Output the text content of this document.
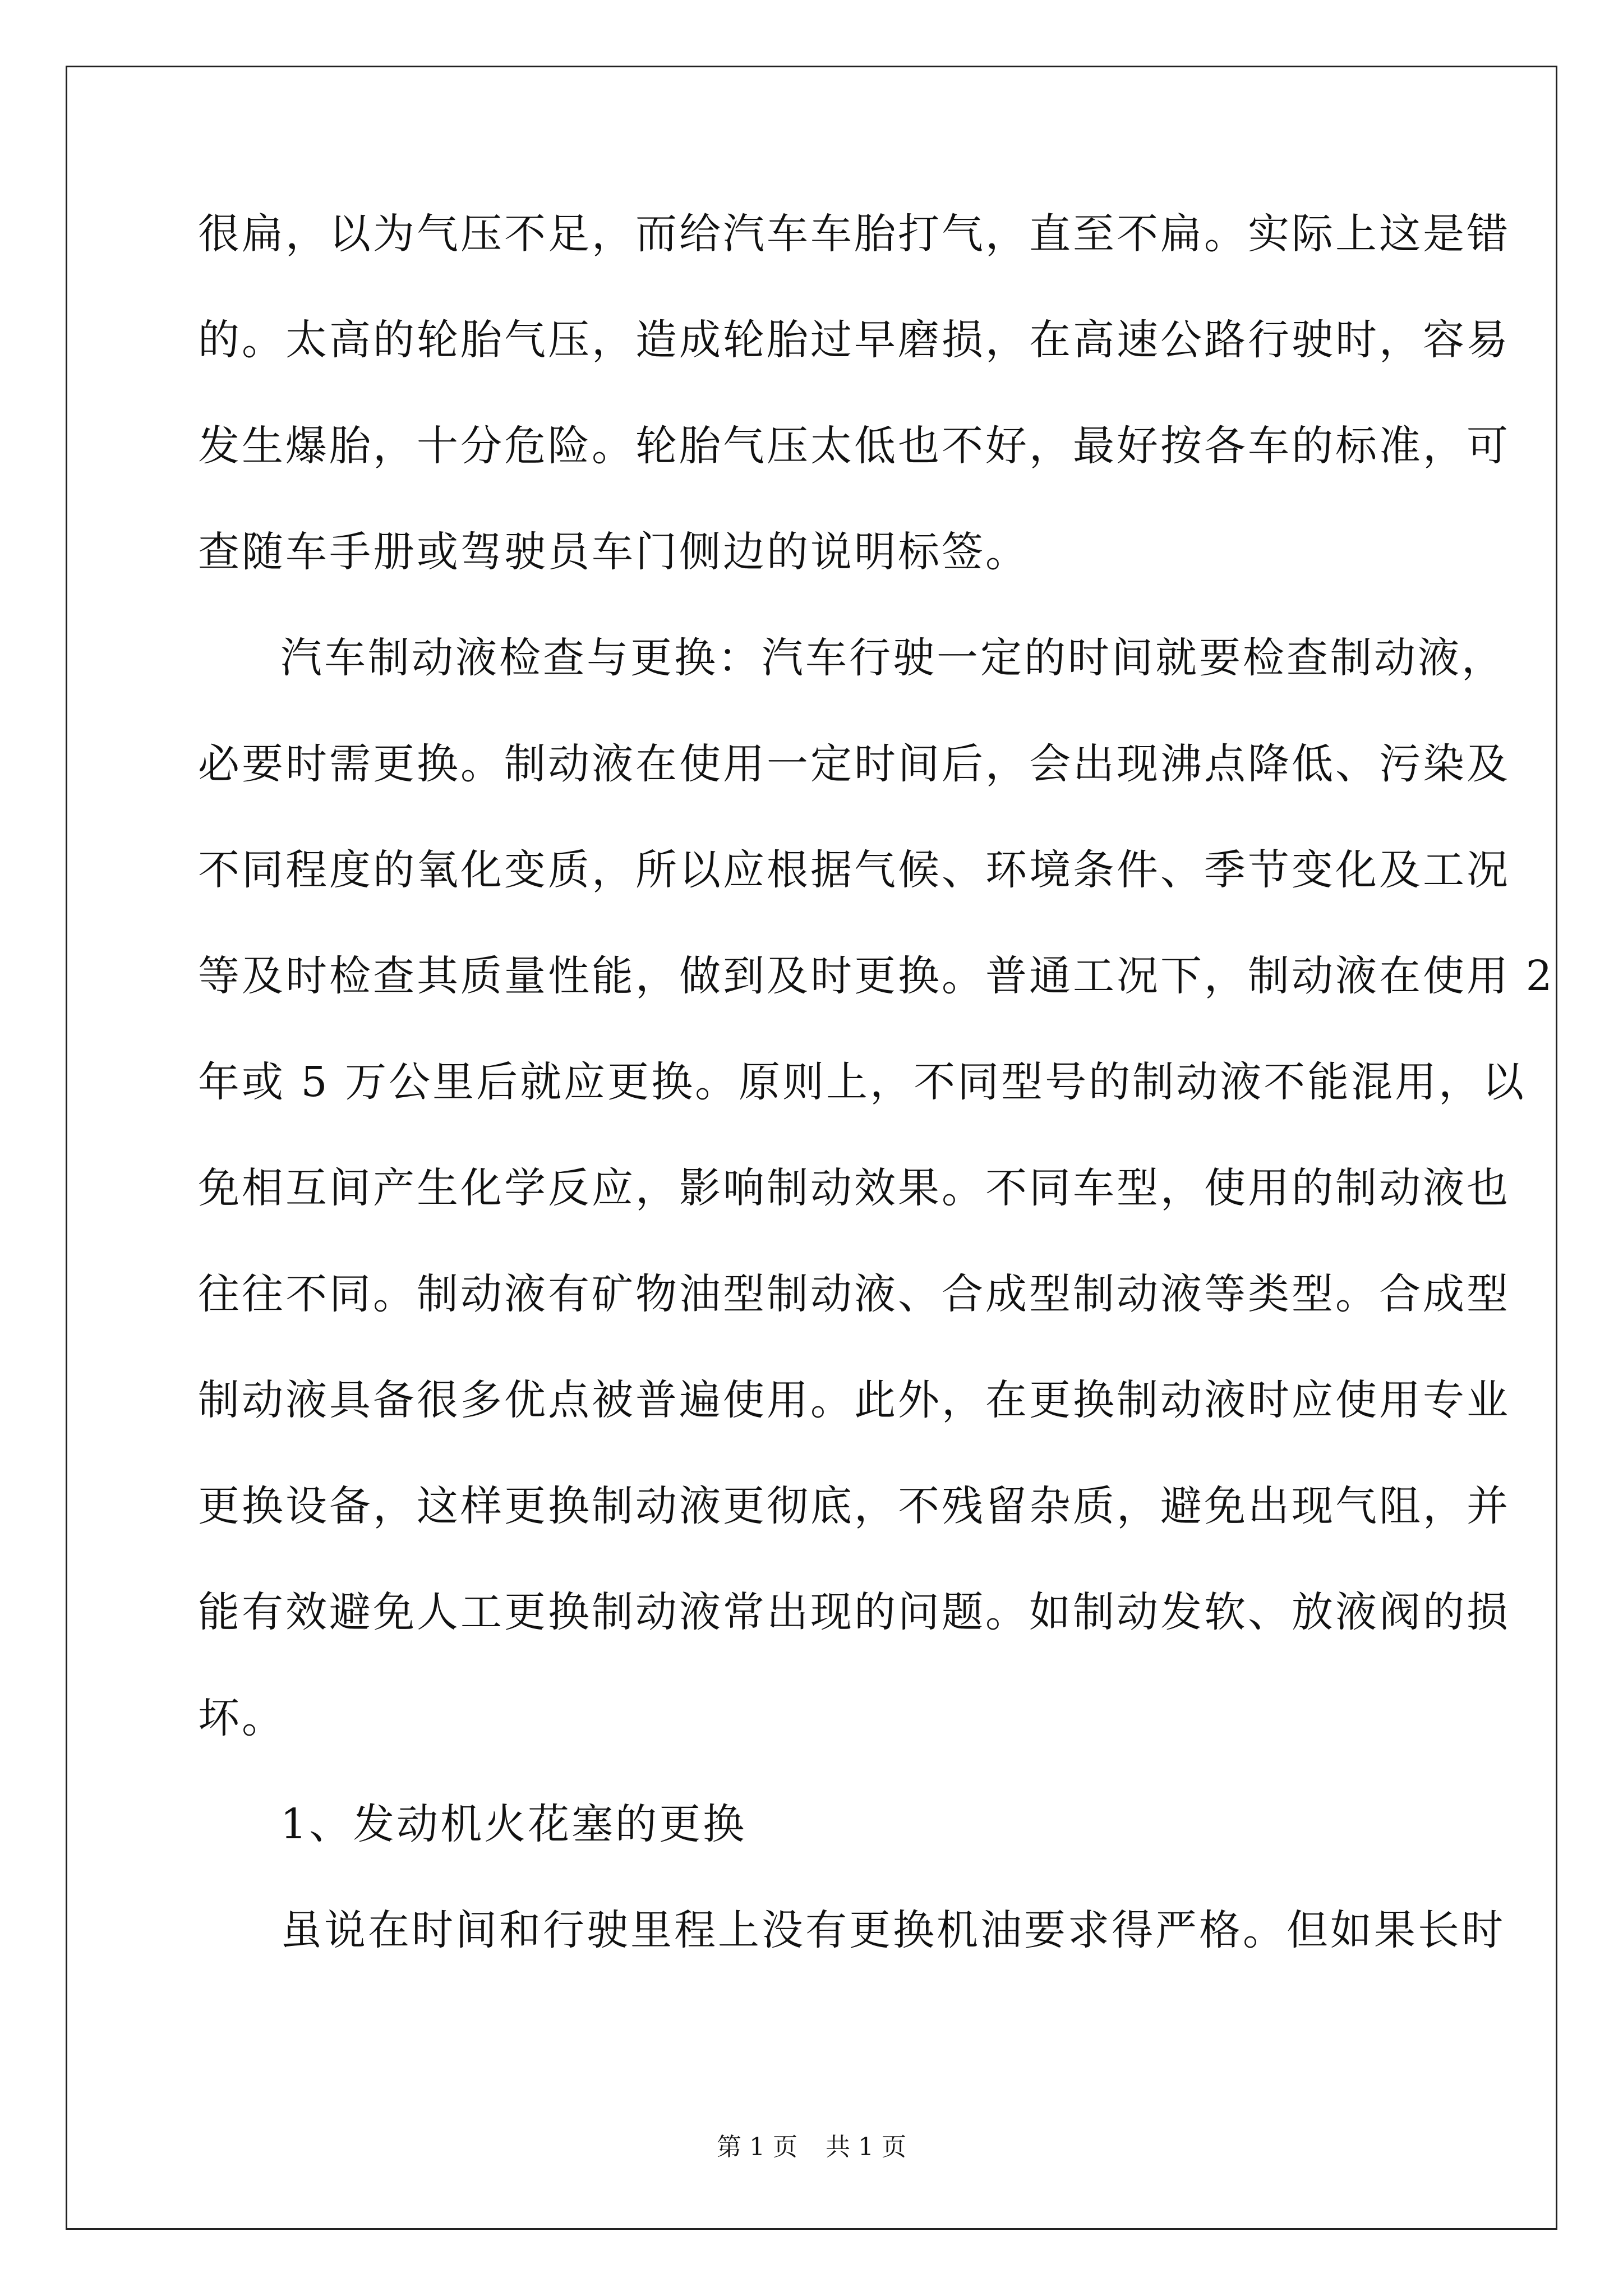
很扁，以为气压不足，而给汽车车胎打气，直至不扁。实际上这是错
的。太高的轮胎气压，造成轮胎过早磨损，在高速公路行驶时，容易
发生爆胎，十分危险。轮胎气压太低也不好，最好按各车的标准，可
查随车手册或驾驶员车门侧边的说明标签。
汽车制动液检查与更换：汽车行驶一定的时间就要检查制动液，
必要时需更换。制动液在使用一定时间后，会出现沸点降低、污染及
不同程度的氧化变质，所以应根据气候、环境条件、季节变化及工况
等及时检查其质量性能，做到及时更换。普通工况下，制动液在使用 2
年或 5 万公里后就应更换。原则上，不同型号的制动液不能混用，以
免相互间产生化学反应，影响制动效果。不同车型，使用的制动液也
往往不同。制动液有矿物油型制动液、合成型制动液等类型。合成型
制动液具备很多优点被普遍使用。此外，在更换制动液时应使用专业
更换设备，这样更换制动液更彻底，不残留杂质，避免出现气阻，并
能有效避免人工更换制动液常出现的问题。如制动发软、放液阀的损
坏。
1、发动机火花塞的更换
虽说在时间和行驶里程上没有更换机油要求得严格。但如果长时
第 1 页 共 1 页
